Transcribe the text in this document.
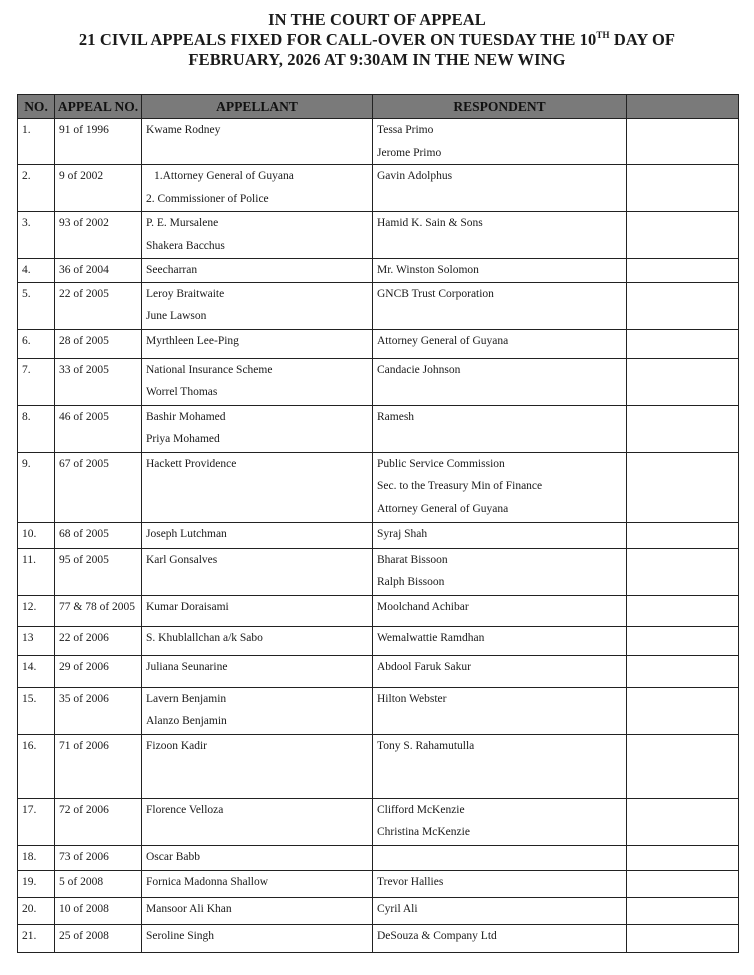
IN THE COURT OF APPEAL
21 CIVIL APPEALS FIXED FOR CALL-OVER ON TUESDAY THE 10TH DAY OF
FEBRUARY, 2026 AT 9:30AM IN THE NEW WING
NO.	APPEAL NO.	APPELLANT	RESPONDENT	

1.	91 of 1996	Kwame Rodney	Tessa Primo
Jerome Primo	

2.	9 of 2002	1.Attorney General of Guyana
2. Commissioner of Police	Gavin Adolphus	

3.	93 of 2002	P. E. Mursalene
Shakera Bacchus	Hamid K. Sain & Sons	

4.	36 of 2004	Seecharran	Mr. Winston Solomon	

5.	22 of 2005	Leroy Braitwaite
June Lawson	GNCB Trust Corporation	

6.	28 of 2005	Myrthleen Lee-Ping	Attorney General of Guyana	

7.	33 of 2005	National Insurance Scheme
Worrel Thomas	Candacie Johnson	

8.	46 of 2005	Bashir Mohamed
Priya Mohamed	Ramesh	

9.	67 of 2005	Hackett Providence	Public Service Commission
Sec. to the Treasury Min of Finance
Attorney General of Guyana	

10.	68 of 2005	Joseph Lutchman	Syraj Shah	

11.	95 of 2005	Karl Gonsalves	Bharat Bissoon
Ralph Bissoon	

12.	77 & 78 of 2005	Kumar Doraisami	Moolchand Achibar	

13	22 of 2006	S. Khublallchan a/k Sabo	Wemalwattie Ramdhan	

14.	29 of 2006	Juliana Seunarine	Abdool Faruk Sakur	

15.	35 of 2006	Lavern Benjamin
Alanzo Benjamin	Hilton Webster	

16.	71 of 2006	Fizoon Kadir	Tony S. Rahamutulla	

17.	72 of 2006	Florence Velloza	Clifford McKenzie
Christina McKenzie	

18.	73 of 2006	Oscar Babb		

19.	5 of 2008	Fornica Madonna Shallow	Trevor Hallies	

20.	10 of 2008	Mansoor Ali Khan	Cyril Ali	

21.	25 of 2008	Seroline Singh	DeSouza & Company Ltd	
